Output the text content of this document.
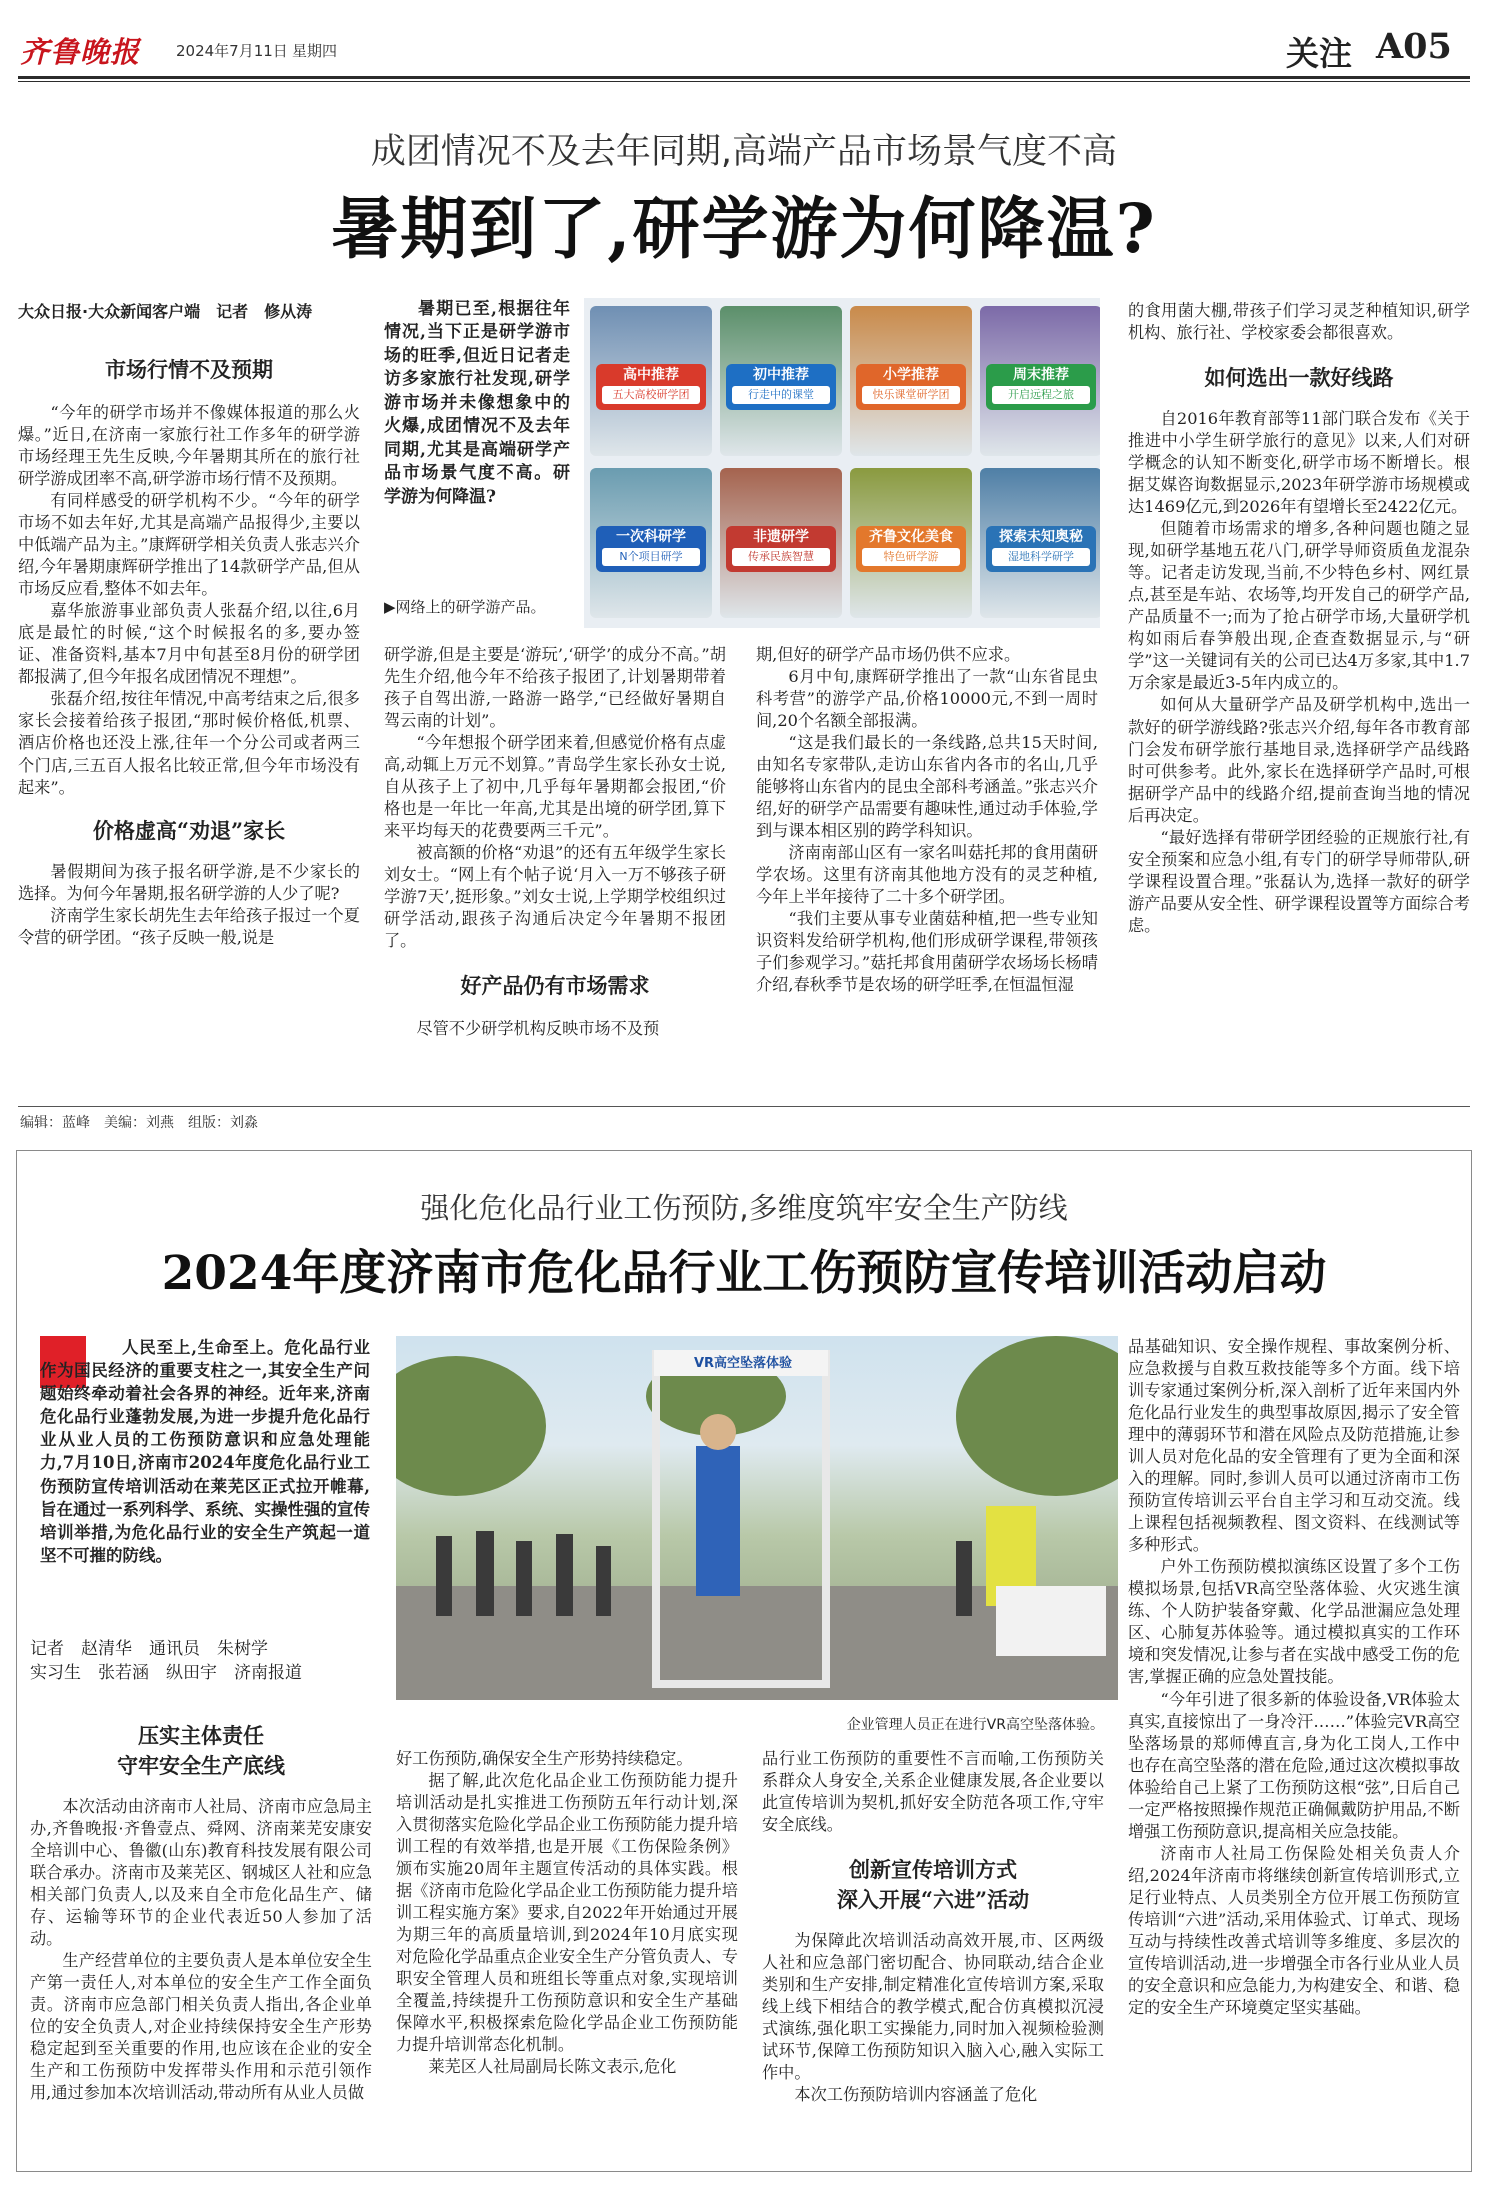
齐鲁晚报 2024年7月11日 星期四	关注 A05
成团情况不及去年同期,高端产品市场景气度不高
暑期到了,研学游为何降温?
大众日报·大众新闻客户端　记者　修从涛
市场行情不及预期

“今年的研学市场并不像媒体报道的那么火爆。”近日,在济南一家旅行社工作多年的研学游市场经理王先生反映,今年暑期其所在的旅行社研学游成团率不高,研学游市场行情不及预期。

有同样感受的研学机构不少。“今年的研学市场不如去年好,尤其是高端产品报得少,主要以中低端产品为主。”康辉研学相关负责人张志兴介绍,今年暑期康辉研学推出了14款研学产品,但从市场反应看,整体不如去年。

嘉华旅游事业部负责人张磊介绍,以往,6月底是最忙的时候,“这个时候报名的多,要办签证、准备资料,基本7月中旬甚至8月份的研学团都报满了,但今年报名成团情况不理想”。

张磊介绍,按往年情况,中高考结束之后,很多家长会接着给孩子报团,“那时候价格低,机票、酒店价格也还没上涨,往年一个分公司或者两三个门店,三五百人报名比较正常,但今年市场没有起来”。

价格虚高“劝退”家长

暑假期间为孩子报名研学游,是不少家长的选择。为何今年暑期,报名研学游的人少了呢?

济南学生家长胡先生去年给孩子报过一个夏令营的研学团。“孩子反映一般,说是

暑期已至,根据往年情况,当下正是研学游市场的旺季,但近日记者走访多家旅行社发现,研学游市场并未像想象中的火爆,成团情况不及去年同期,尤其是高端研学产品市场景气度不高。研学游为何降温?
▶网络上的研学游产品。
高中推荐
五大高校研学团
初中推荐
行走中的课堂
小学推荐
快乐课堂研学团
周末推荐
开启远程之旅
一次科研学
N个项目研学
非遗研学
传承民族智慧
齐鲁文化美食
特色研学游
探索未知奥秘
湿地科学研学

研学游,但是主要是‘游玩’,‘研学’的成分不高。”胡先生介绍,他今年不给孩子报团了,计划暑期带着孩子自驾出游,一路游一路学,“已经做好暑期自驾云南的计划”。

“今年想报个研学团来着,但感觉价格有点虚高,动辄上万元不划算。”青岛学生家长孙女士说,自从孩子上了初中,几乎每年暑期都会报团,“价格也是一年比一年高,尤其是出境的研学团,算下来平均每天的花费要两三千元”。

被高额的价格“劝退”的还有五年级学生家长刘女士。“网上有个帖子说‘月入一万不够孩子研学游7天’,挺形象。”刘女士说,上学期学校组织过研学活动,跟孩子沟通后决定今年暑期不报团了。

好产品仍有市场需求

尽管不少研学机构反映市场不及预

期,但好的研学产品市场仍供不应求。

6月中旬,康辉研学推出了一款“山东省昆虫科考营”的游学产品,价格10000元,不到一周时间,20个名额全部报满。

“这是我们最长的一条线路,总共15天时间,由知名专家带队,走访山东省内各市的名山,几乎能够将山东省内的昆虫全部科考涵盖。”张志兴介绍,好的研学产品需要有趣味性,通过动手体验,学到与课本相区别的跨学科知识。

济南南部山区有一家名叫菇托邦的食用菌研学农场。这里有济南其他地方没有的灵芝种植,今年上半年接待了二十多个研学团。

“我们主要从事专业菌菇种植,把一些专业知识资料发给研学机构,他们形成研学课程,带领孩子们参观学习。”菇托邦食用菌研学农场场长杨晴介绍,春秋季节是农场的研学旺季,在恒温恒湿

的食用菌大棚,带孩子们学习灵芝种植知识,研学机构、旅行社、学校家委会都很喜欢。

如何选出一款好线路

自2016年教育部等11部门联合发布《关于推进中小学生研学旅行的意见》以来,人们对研学概念的认知不断变化,研学市场不断增长。根据艾媒咨询数据显示,2023年研学游市场规模或达1469亿元,到2026年有望增长至2422亿元。

但随着市场需求的增多,各种问题也随之显现,如研学基地五花八门,研学导师资质鱼龙混杂等。记者走访发现,当前,不少特色乡村、网红景点,甚至是车站、农场等,均开发自己的研学产品,产品质量不一;而为了抢占研学市场,大量研学机构如雨后春笋般出现,企查查数据显示,与“研学”这一关键词有关的公司已达4万多家,其中1.7万余家是最近3-5年内成立的。

如何从大量研学产品及研学机构中,选出一款好的研学游线路?张志兴介绍,每年各市教育部门会发布研学旅行基地目录,选择研学产品线路时可供参考。此外,家长在选择研学产品时,可根据研学产品中的线路介绍,提前查询当地的情况后再决定。

“最好选择有带研学团经验的正规旅行社,有安全预案和应急小组,有专门的研学导师带队,研学课程设置合理。”张磊认为,选择一款好的研学游产品要从安全性、研学课程设置等方面综合考虑。

编辑：蓝峰　美编：刘燕　组版：刘淼
强化危化品行业工伤预防,多维度筑牢安全生产防线
2024年度济南市危化品行业工伤预防宣传培训活动启动
人民至上,生命至上。危化品行业作为国民经济的重要支柱之一,其安全生产问题始终牵动着社会各界的神经。近年来,济南危化品行业蓬勃发展,为进一步提升危化品行业从业人员的工伤预防意识和应急处理能力,7月10日,济南市2024年度危化品行业工伤预防宣传培训活动在莱芜区正式拉开帷幕,旨在通过一系列科学、系统、实操性强的宣传培训举措,为危化品行业的安全生产筑起一道坚不可摧的防线。
记者　赵清华　通讯员　朱树学
实习生　张若涵　纵田宇　济南报道
VR高空坠落体验
企业管理人员正在进行VR高空坠落体验。
压实主体责任
守牢安全生产底线

本次活动由济南市人社局、济南市应急局主办,齐鲁晚报·齐鲁壹点、舜网、济南莱芜安康安全培训中心、鲁徽(山东)教育科技发展有限公司联合承办。济南市及莱芜区、钢城区人社和应急相关部门负责人,以及来自全市危化品生产、储存、运输等环节的企业代表近50人参加了活动。

生产经营单位的主要负责人是本单位安全生产第一责任人,对本单位的安全生产工作全面负责。济南市应急部门相关负责人指出,各企业单位的安全负责人,对企业持续保持安全生产形势稳定起到至关重要的作用,也应该在企业的安全生产和工伤预防中发挥带头作用和示范引领作用,通过参加本次培训活动,带动所有从业人员做

好工伤预防,确保安全生产形势持续稳定。

据了解,此次危化品企业工伤预防能力提升培训活动是扎实推进工伤预防五年行动计划,深入贯彻落实危险化学品企业工伤预防能力提升培训工程的有效举措,也是开展《工伤保险条例》颁布实施20周年主题宣传活动的具体实践。根据《济南市危险化学品企业工伤预防能力提升培训工程实施方案》要求,自2022年开始通过开展为期三年的高质量培训,到2024年10月底实现对危险化学品重点企业安全生产分管负责人、专职安全管理人员和班组长等重点对象,实现培训全覆盖,持续提升工伤预防意识和安全生产基础保障水平,积极探索危险化学品企业工伤预防能力提升培训常态化机制。

莱芜区人社局副局长陈文表示,危化

品行业工伤预防的重要性不言而喻,工伤预防关系群众人身安全,关系企业健康发展,各企业要以此宣传培训为契机,抓好安全防范各项工作,守牢安全底线。

创新宣传培训方式
深入开展“六进”活动

为保障此次培训活动高效开展,市、区两级人社和应急部门密切配合、协同联动,结合企业类别和生产安排,制定精准化宣传培训方案,采取线上线下相结合的教学模式,配合仿真模拟沉浸式演练,强化职工实操能力,同时加入视频检验测试环节,保障工伤预防知识入脑入心,融入实际工作中。

本次工伤预防培训内容涵盖了危化

品基础知识、安全操作规程、事故案例分析、应急救援与自救互救技能等多个方面。线下培训专家通过案例分析,深入剖析了近年来国内外危化品行业发生的典型事故原因,揭示了安全管理中的薄弱环节和潜在风险点及防范措施,让参训人员对危化品的安全管理有了更为全面和深入的理解。同时,参训人员可以通过济南市工伤预防宣传培训云平台自主学习和互动交流。线上课程包括视频教程、图文资料、在线测试等多种形式。

户外工伤预防模拟演练区设置了多个工伤模拟场景,包括VR高空坠落体验、火灾逃生演练、个人防护装备穿戴、化学品泄漏应急处理区、心肺复苏体验等。通过模拟真实的工作环境和突发情况,让参与者在实战中感受工伤的危害,掌握正确的应急处置技能。

“今年引进了很多新的体验设备,VR体验太真实,直接惊出了一身冷汗……”体验完VR高空坠落场景的郑师傅直言,身为化工岗人,工作中也存在高空坠落的潜在危险,通过这次模拟事故体验给自己上紧了工伤预防这根“弦”,日后自己一定严格按照操作规范正确佩戴防护用品,不断增强工伤预防意识,提高相关应急技能。

济南市人社局工伤保险处相关负责人介绍,2024年济南市将继续创新宣传培训形式,立足行业特点、人员类别全方位开展工伤预防宣传培训“六进”活动,采用体验式、订单式、现场互动与持续性改善式培训等多维度、多层次的宣传培训活动,进一步增强全市各行业从业人员的安全意识和应急能力,为构建安全、和谐、稳定的安全生产环境奠定坚实基础。
